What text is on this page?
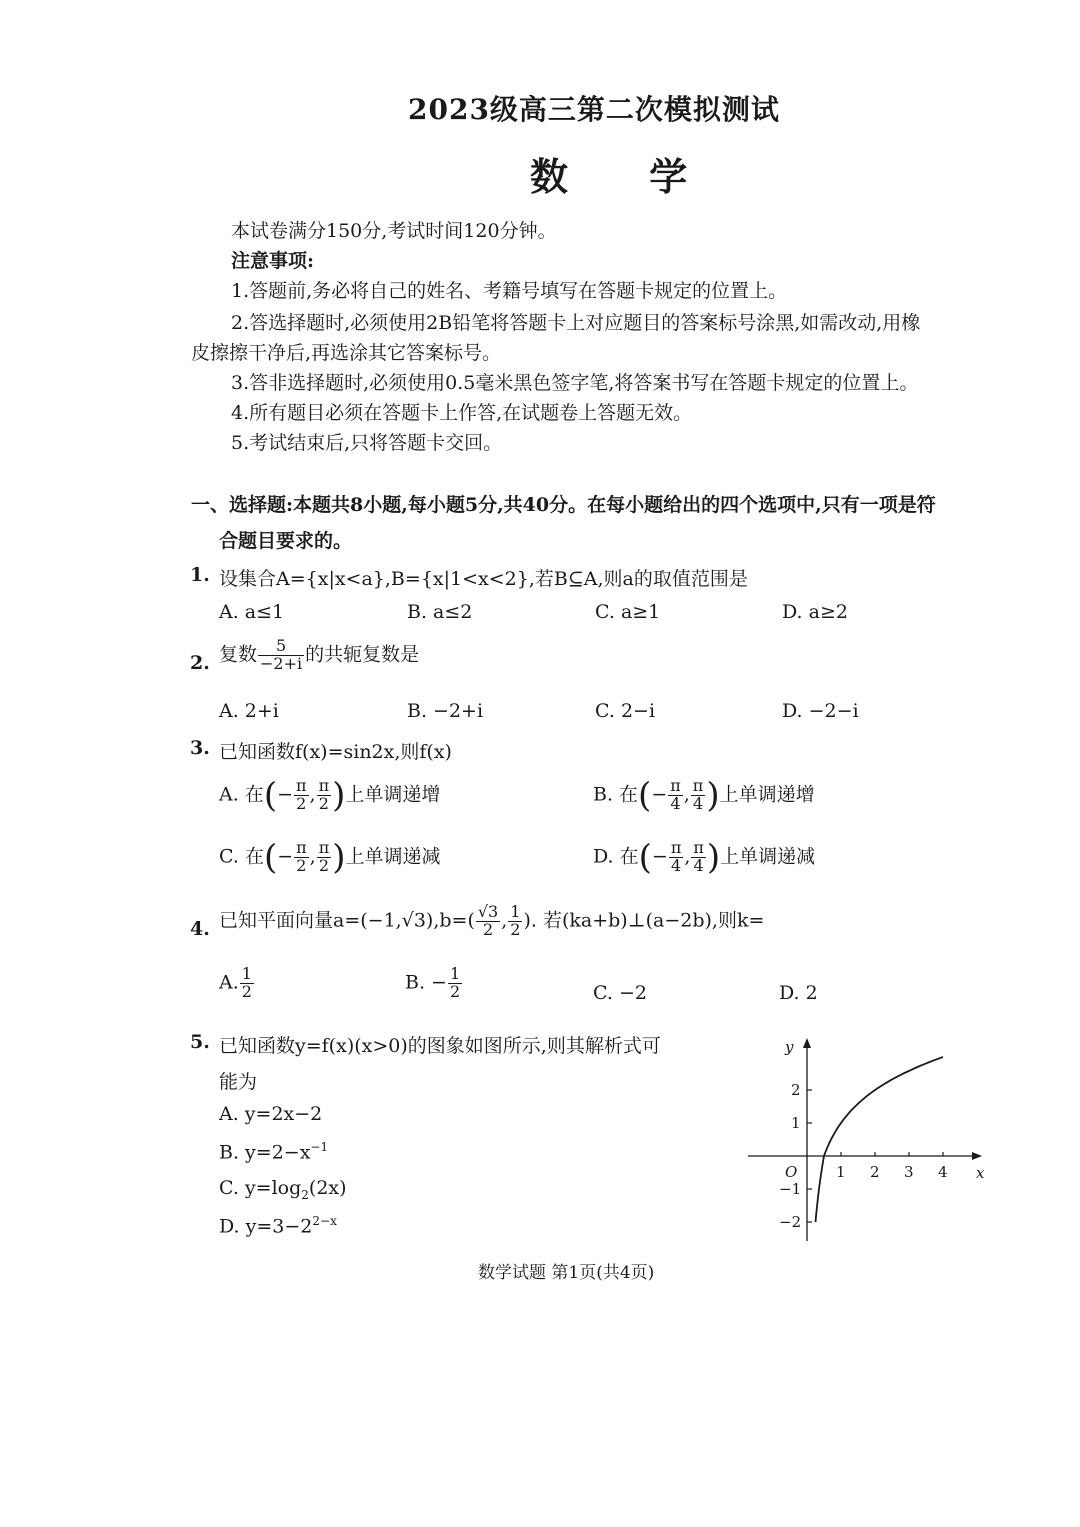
2023级高三第二次模拟测试
数 学
本试卷满分150分,考试时间120分钟。
注意事项:
1.答题前,务必将自己的姓名、考籍号填写在答题卡规定的位置上。
2.答选择题时,必须使用2B铅笔将答题卡上对应题目的答案标号涂黑,如需改动,用橡
皮擦擦干净后,再选涂其它答案标号。
3.答非选择题时,必须使用0.5毫米黑色签字笔,将答案书写在答题卡规定的位置上。
4.所有题目必须在答题卡上作答,在试题卷上答题无效。
5.考试结束后,只将答题卡交回。
一、选择题:本题共8小题,每小题5分,共40分。在每小题给出的四个选项中,只有一项是符
合题目要求的。
1. 设集合A={x|x<a},B={x|1<x<2},若B⊆A,则a的取值范围是
A. a≤1	B. a≤2	C. a≥1	D. a≥2
2. 复数 $\frac{5}{-2+i}$ 的共轭复数是
A. 2+i	B. −2+i	C. 2−i	D. −2−i
3. 已知函数f(x)=sin2x,则f(x)
A. 在(− $\frac{\pi}{2}$ , $\frac{\pi}{2}$ )上单调递增	B. 在(− $\frac{\pi}{4}$ , $\frac{\pi}{4}$ )上单调递增
C. 在(− $\frac{\pi}{2}$ , $\frac{\pi}{2}$ )上单调递减	D. 在(− $\frac{\pi}{4}$ , $\frac{\pi}{4}$ )上单调递减
4. 已知平面向量$a=(-1,√3),b=( \frac{√3}{2}$ , $\frac{1}{2}$ ). 若(ka+b)⊥(a−2b),则k=
A. $\frac{1}{2}$	B. − $\frac{1}{2}$	C. −2	D. 2
5. 已知函数y=f(x)(x>0)的图象如图所示,则其解析式可
能为
A. y=2x−2
B. $y=2-x^{-1}$
C. $y=\log_2(2x)$
D. $y=3-2^{2-x}$
x
y
O	1 2 3 4
2
1
−1
−2
数学试题 第1页(共4页)
